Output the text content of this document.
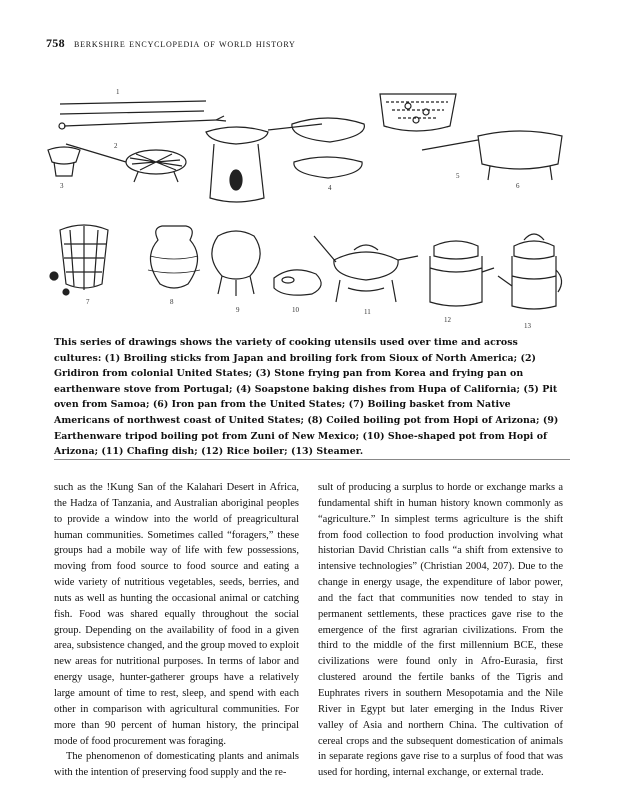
758 berkshire encyclopedia of world history
1
2
3	4
5
6
7	8
9	10	11
12
13
This series of drawings shows the variety of cooking utensils used over time and across cultures: (1) Broiling sticks from Japan and broiling fork from Sioux of North America; (2) Gridiron from colonial United States; (3) Stone frying pan from Korea and frying pan on earthenware stove from Portugal; (4) Soapstone baking dishes from Hupa of California; (5) Pit oven from Samoa; (6) Iron pan from the United States; (7) Boiling basket from Native Americans of northwest coast of United States; (8) Coiled boiling pot from Hopi of Arizona; (9) Earthenware tripod boiling pot from Zuni of New Mexico; (10) Shoe-shaped pot from Hopi of Arizona; (11) Chafing dish; (12) Rice boiler; (13) Steamer.

such as the !Kung San of the Kalahari Desert in Africa, the Hadza of Tanzania, and Australian aboriginal peoples to provide a window into the world of preagricultural human communities. Sometimes called “foragers,” these groups had a mobile way of life with few possessions, moving from food source to food source and eating a wide variety of nutritious vegetables, seeds, berries, and nuts as well as hunting the occasional animal or catching fish. Food was shared equally throughout the social group. Depending on the availability of food in a given area, subsistence changed, and the group moved to exploit new areas for nutritional purposes. In terms of labor and energy usage, hunter-gatherer groups have a relatively large amount of time to rest, sleep, and spend with each other in comparison with agricultural communities. For more than 90 percent of human history, the principal mode of food procurement was foraging.

The phenomenon of domesticating plants and animals with the intention of preserving food supply and the re-

sult of producing a surplus to horde or exchange marks a fundamental shift in human history known commonly as “agriculture.” In simplest terms agriculture is the shift from food collection to food production involving what historian David Christian calls “a shift from extensive to intensive technologies” (Christian 2004, 207). Due to the change in energy usage, the expenditure of labor power, and the fact that communities now tended to stay in permanent settlements, these practices gave rise to the emergence of the first agrarian civilizations. From the third to the middle of the first millennium BCE, these civilizations were found only in Afro-Eurasia, first clustered around the fertile banks of the Tigris and Euphrates rivers in southern Mesopotamia and the Nile River in Egypt but later emerging in the Indus River valley of Asia and northern China. The cultivation of cereal crops and the subsequent domestication of animals in separate regions gave rise to a surplus of food that was used for hording, internal exchange, or external trade.
